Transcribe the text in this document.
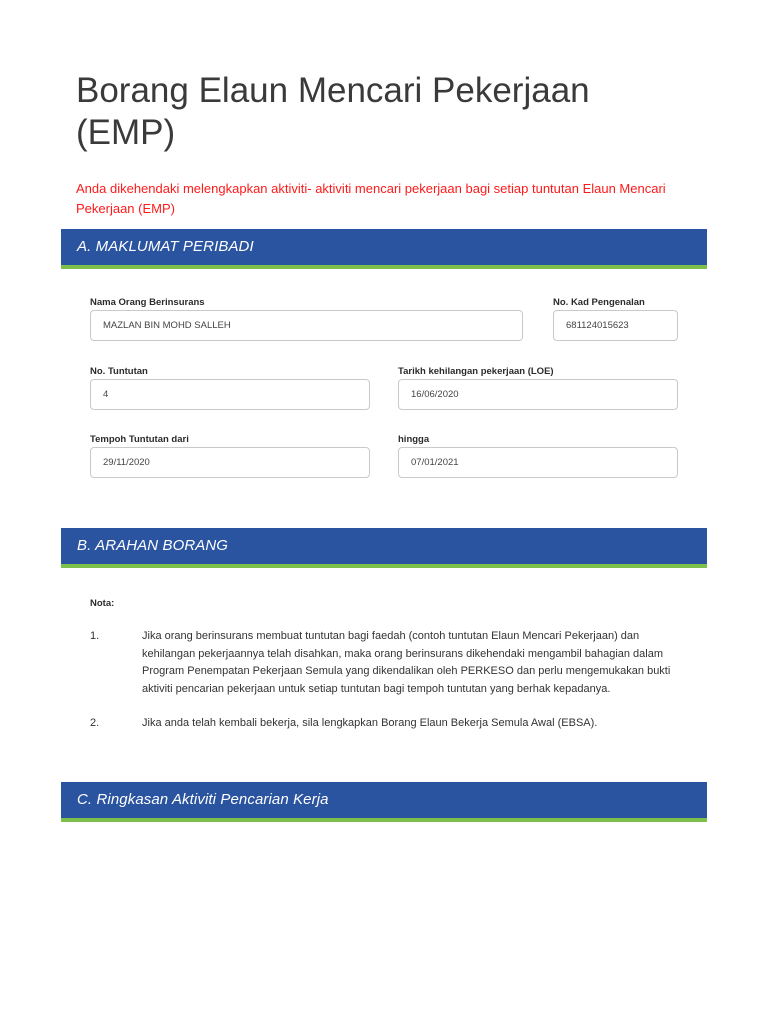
Borang Elaun Mencari Pekerjaan (EMP)

Anda dikehendaki melengkapkan aktiviti- aktiviti mencari pekerjaan bagi setiap tuntutan Elaun Mencari Pekerjaan (EMP)

A. MAKLUMAT PERIBADI
Nama Orang Berinsurans
MAZLAN BIN MOHD SALLEH
No. Kad Pengenalan
681124015623
No. Tuntutan
4
Tarikh kehilangan pekerjaan (LOE)
16/06/2020
Tempoh Tuntutan dari
29/11/2020
hingga
07/01/2021
B. ARAHAN BORANG
Nota:
1.	Jika orang berinsurans membuat tuntutan bagi faedah (contoh tuntutan Elaun Mencari Pekerjaan) dan kehilangan pekerjaannya telah disahkan, maka orang berinsurans dikehendaki mengambil bahagian dalam Program Penempatan Pekerjaan Semula yang dikendalikan oleh PERKESO dan perlu mengemukakan bukti aktiviti pencarian pekerjaan untuk setiap tuntutan bagi tempoh tuntutan yang berhak kepadanya.
2.	Jika anda telah kembali bekerja, sila lengkapkan Borang Elaun Bekerja Semula Awal (EBSA).
C. Ringkasan Aktiviti Pencarian Kerja
